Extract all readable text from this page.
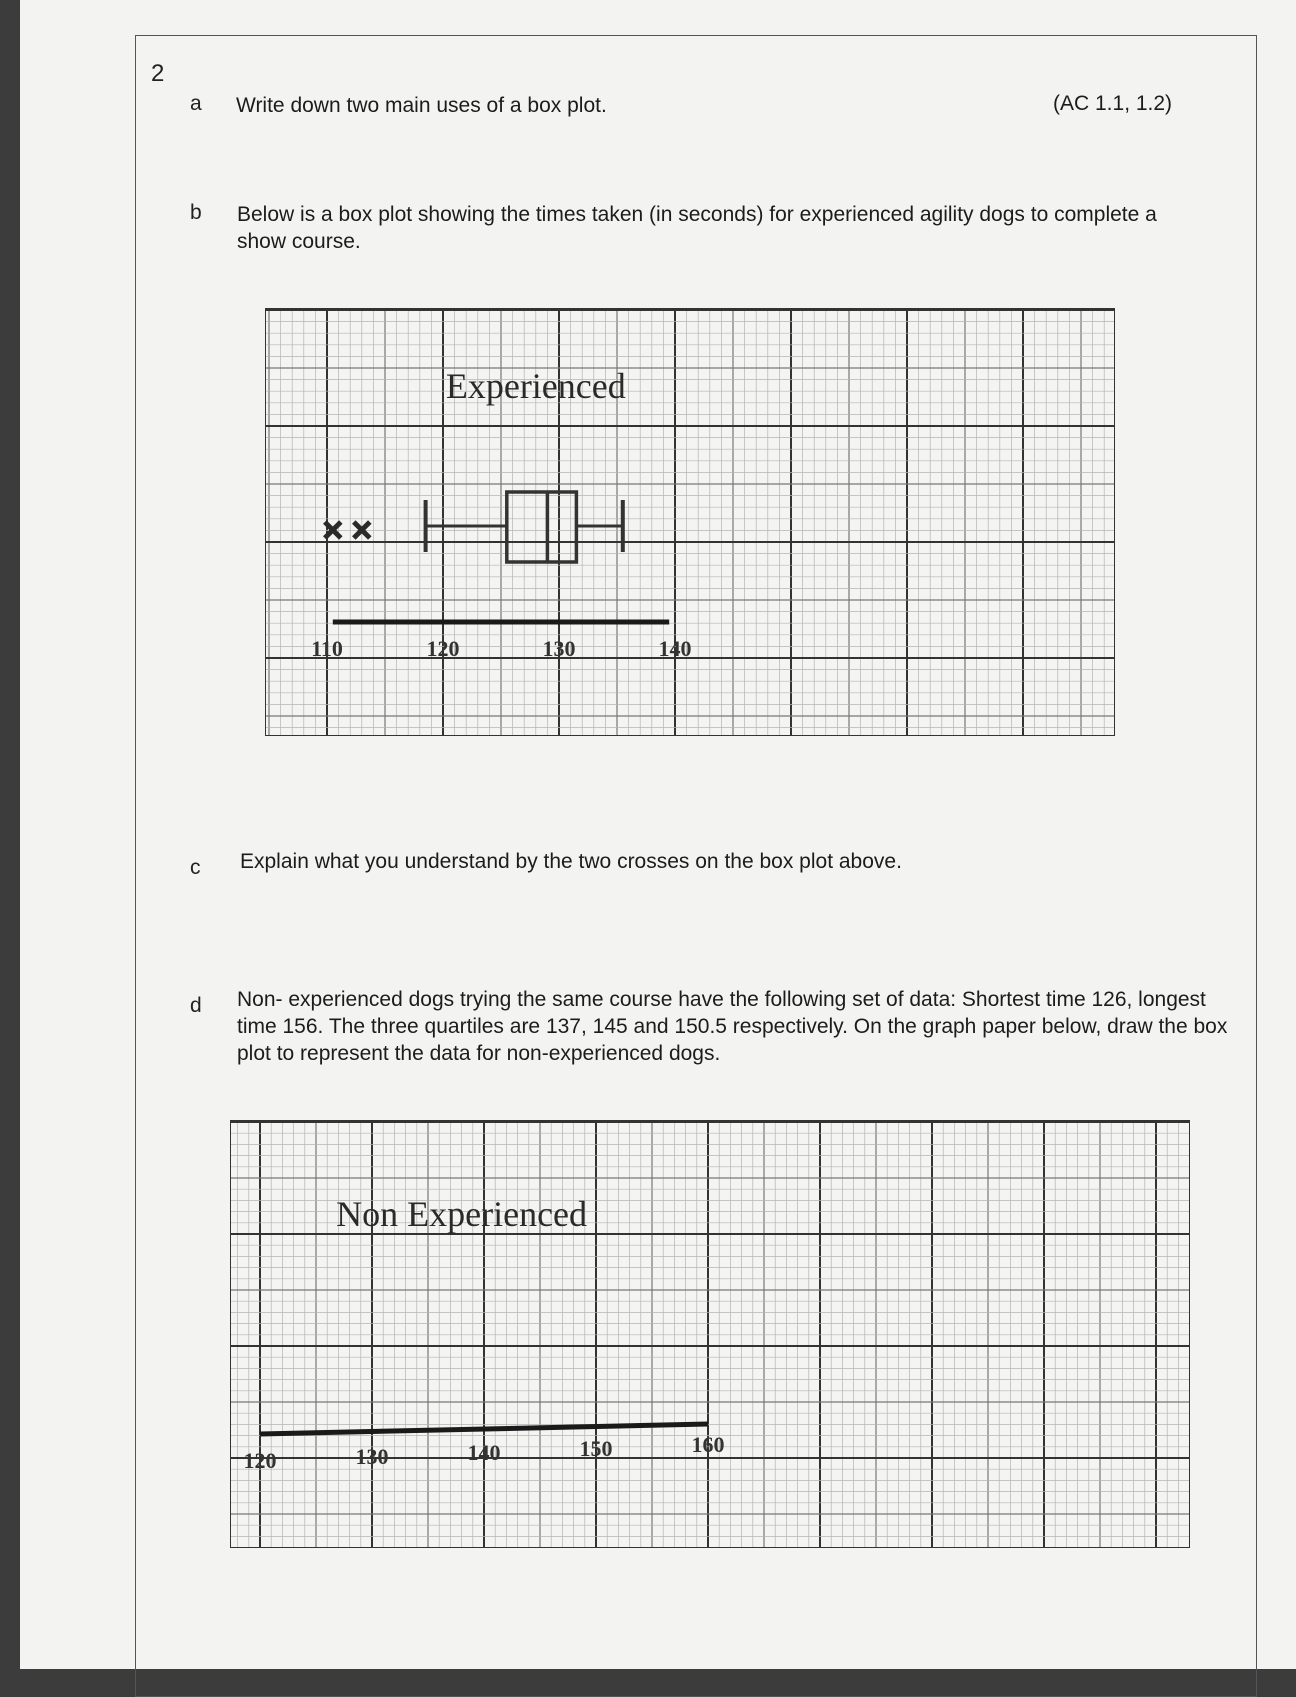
2
a Write down two main uses of a box plot.	(AC 1.1, 1.2)
b Below is a box plot showing the times taken (in seconds) for experienced agility dogs to complete a show course.
110	120	130	140
Experienced
c Explain what you understand by the two crosses on the box plot above.
d Non- experienced dogs trying the same course have the following set of data: Shortest time 126, longest time 156. The three quartiles are 137, 145 and 150.5 respectively. On the graph paper below, draw the box plot to represent the data for non-experienced dogs.
120	130	140	150	160
Non Experienced
